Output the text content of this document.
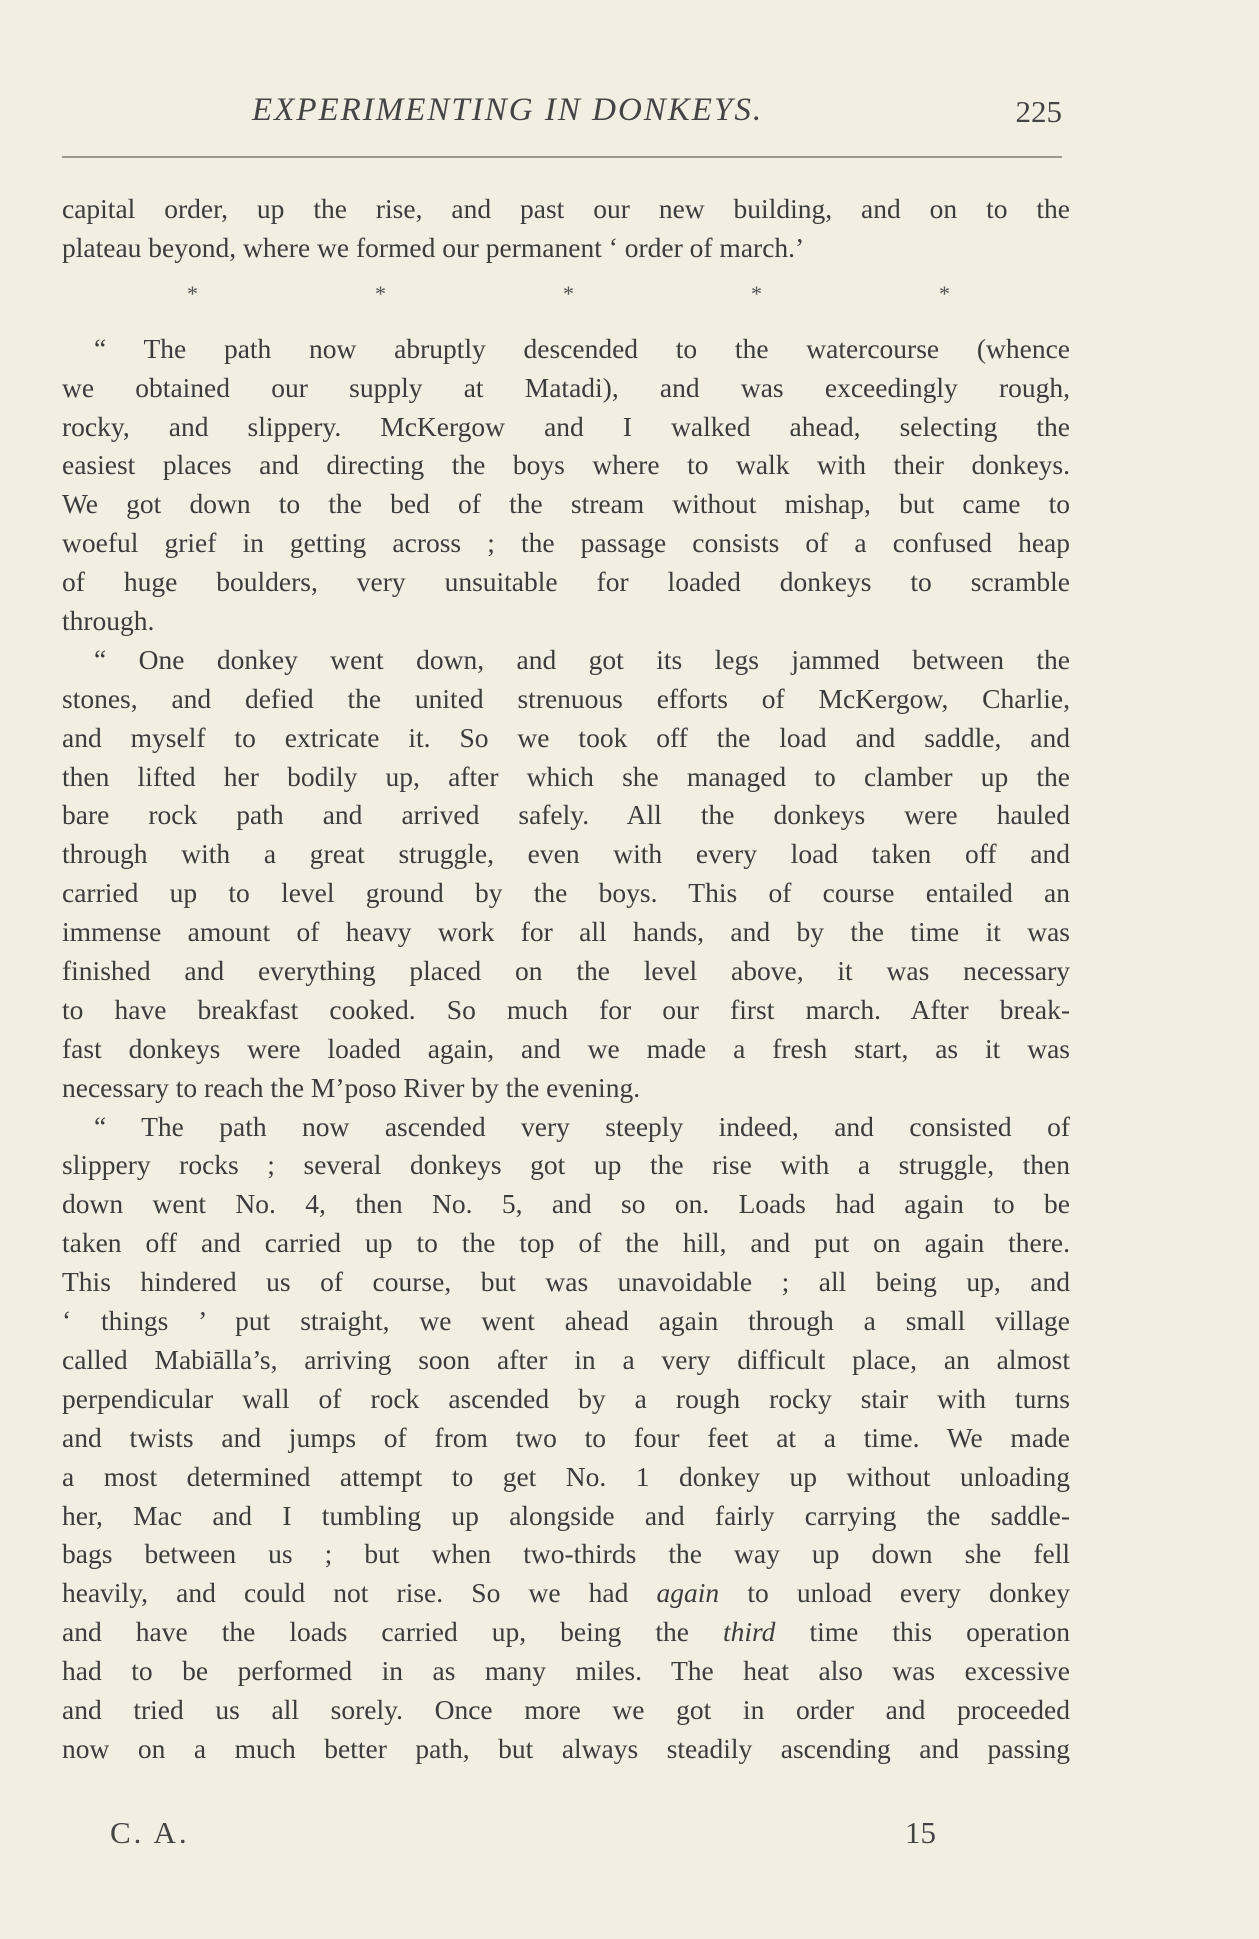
EXPERIMENTING IN DONKEYS.	225
capital order, up the rise, and past our new building, and on to the
plateau beyond, where we formed our permanent ‘ order of march.’
*	*	*	*	*
“ The path now abruptly descended to the watercourse (whence
we obtained our supply at Matadi), and was exceedingly rough,
rocky, and slippery. McKergow and I walked ahead, selecting the
easiest places and directing the boys where to walk with their donkeys.
We got down to the bed of the stream without mishap, but came to
woeful grief in getting across ; the passage consists of a confused heap
of huge boulders, very unsuitable for loaded donkeys to scramble
through.
“ One donkey went down, and got its legs jammed between the
stones, and defied the united strenuous efforts of McKergow, Charlie,
and myself to extricate it. So we took off the load and saddle, and
then lifted her bodily up, after which she managed to clamber up the
bare rock path and arrived safely. All the donkeys were hauled
through with a great struggle, even with every load taken off and
carried up to level ground by the boys. This of course entailed an
immense amount of heavy work for all hands, and by the time it was
finished and everything placed on the level above, it was necessary
to have breakfast cooked. So much for our first march. After break-
fast donkeys were loaded again, and we made a fresh start, as it was
necessary to reach the M’poso River by the evening.
“ The path now ascended very steeply indeed, and consisted of
slippery rocks ; several donkeys got up the rise with a struggle, then
down went No. 4, then No. 5, and so on. Loads had again to be
taken off and carried up to the top of the hill, and put on again there.
This hindered us of course, but was unavoidable ; all being up, and
‘ things ’ put straight, we went ahead again through a small village
called Mabiālla’s, arriving soon after in a very difficult place, an almost
perpendicular wall of rock ascended by a rough rocky stair with turns
and twists and jumps of from two to four feet at a time. We made
a most determined attempt to get No. 1 donkey up without unloading
her, Mac and I tumbling up alongside and fairly carrying the saddle-
bags between us ; but when two-thirds the way up down she fell
heavily, and could not rise. So we had again to unload every donkey
and have the loads carried up, being the third time this operation
had to be performed in as many miles. The heat also was excessive
and tried us all sorely. Once more we got in order and proceeded
now on a much better path, but always steadily ascending and passing
C. A.	15
